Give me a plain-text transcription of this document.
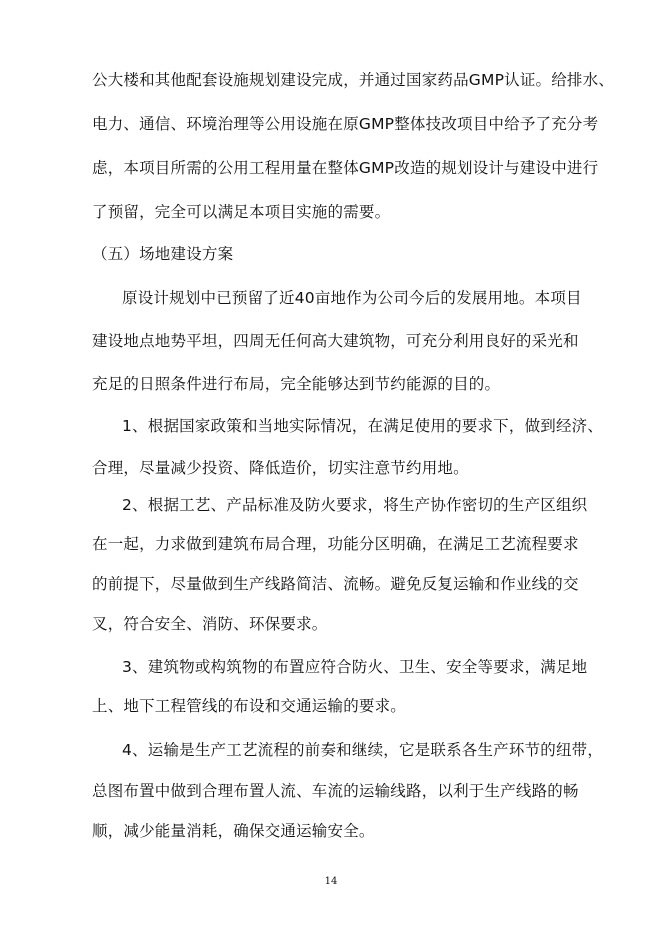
公大楼和其他配套设施规划建设完成，并通过国家药品GMP认证。给排水、
电力、通信、环境治理等公用设施在原GMP整体技改项目中给予了充分考
虑，本项目所需的公用工程用量在整体GMP改造的规划设计与建设中进行
了预留，完全可以满足本项目实施的需要。
（五）场地建设方案
原设计规划中已预留了近40亩地作为公司今后的发展用地。本项目
建设地点地势平坦，四周无任何高大建筑物，可充分利用良好的采光和
充足的日照条件进行布局，完全能够达到节约能源的目的。
1、根据国家政策和当地实际情况，在满足使用的要求下，做到经济、
合理，尽量减少投资、降低造价，切实注意节约用地。
2、根据工艺、产品标准及防火要求，将生产协作密切的生产区组织
在一起，力求做到建筑布局合理，功能分区明确，在满足工艺流程要求
的前提下，尽量做到生产线路简洁、流畅。避免反复运输和作业线的交
叉，符合安全、消防、环保要求。
3、建筑物或构筑物的布置应符合防火、卫生、安全等要求，满足地
上、地下工程管线的布设和交通运输的要求。
4、运输是生产工艺流程的前奏和继续，它是联系各生产环节的纽带，
总图布置中做到合理布置人流、车流的运输线路，以利于生产线路的畅
顺，减少能量消耗，确保交通运输安全。
14
